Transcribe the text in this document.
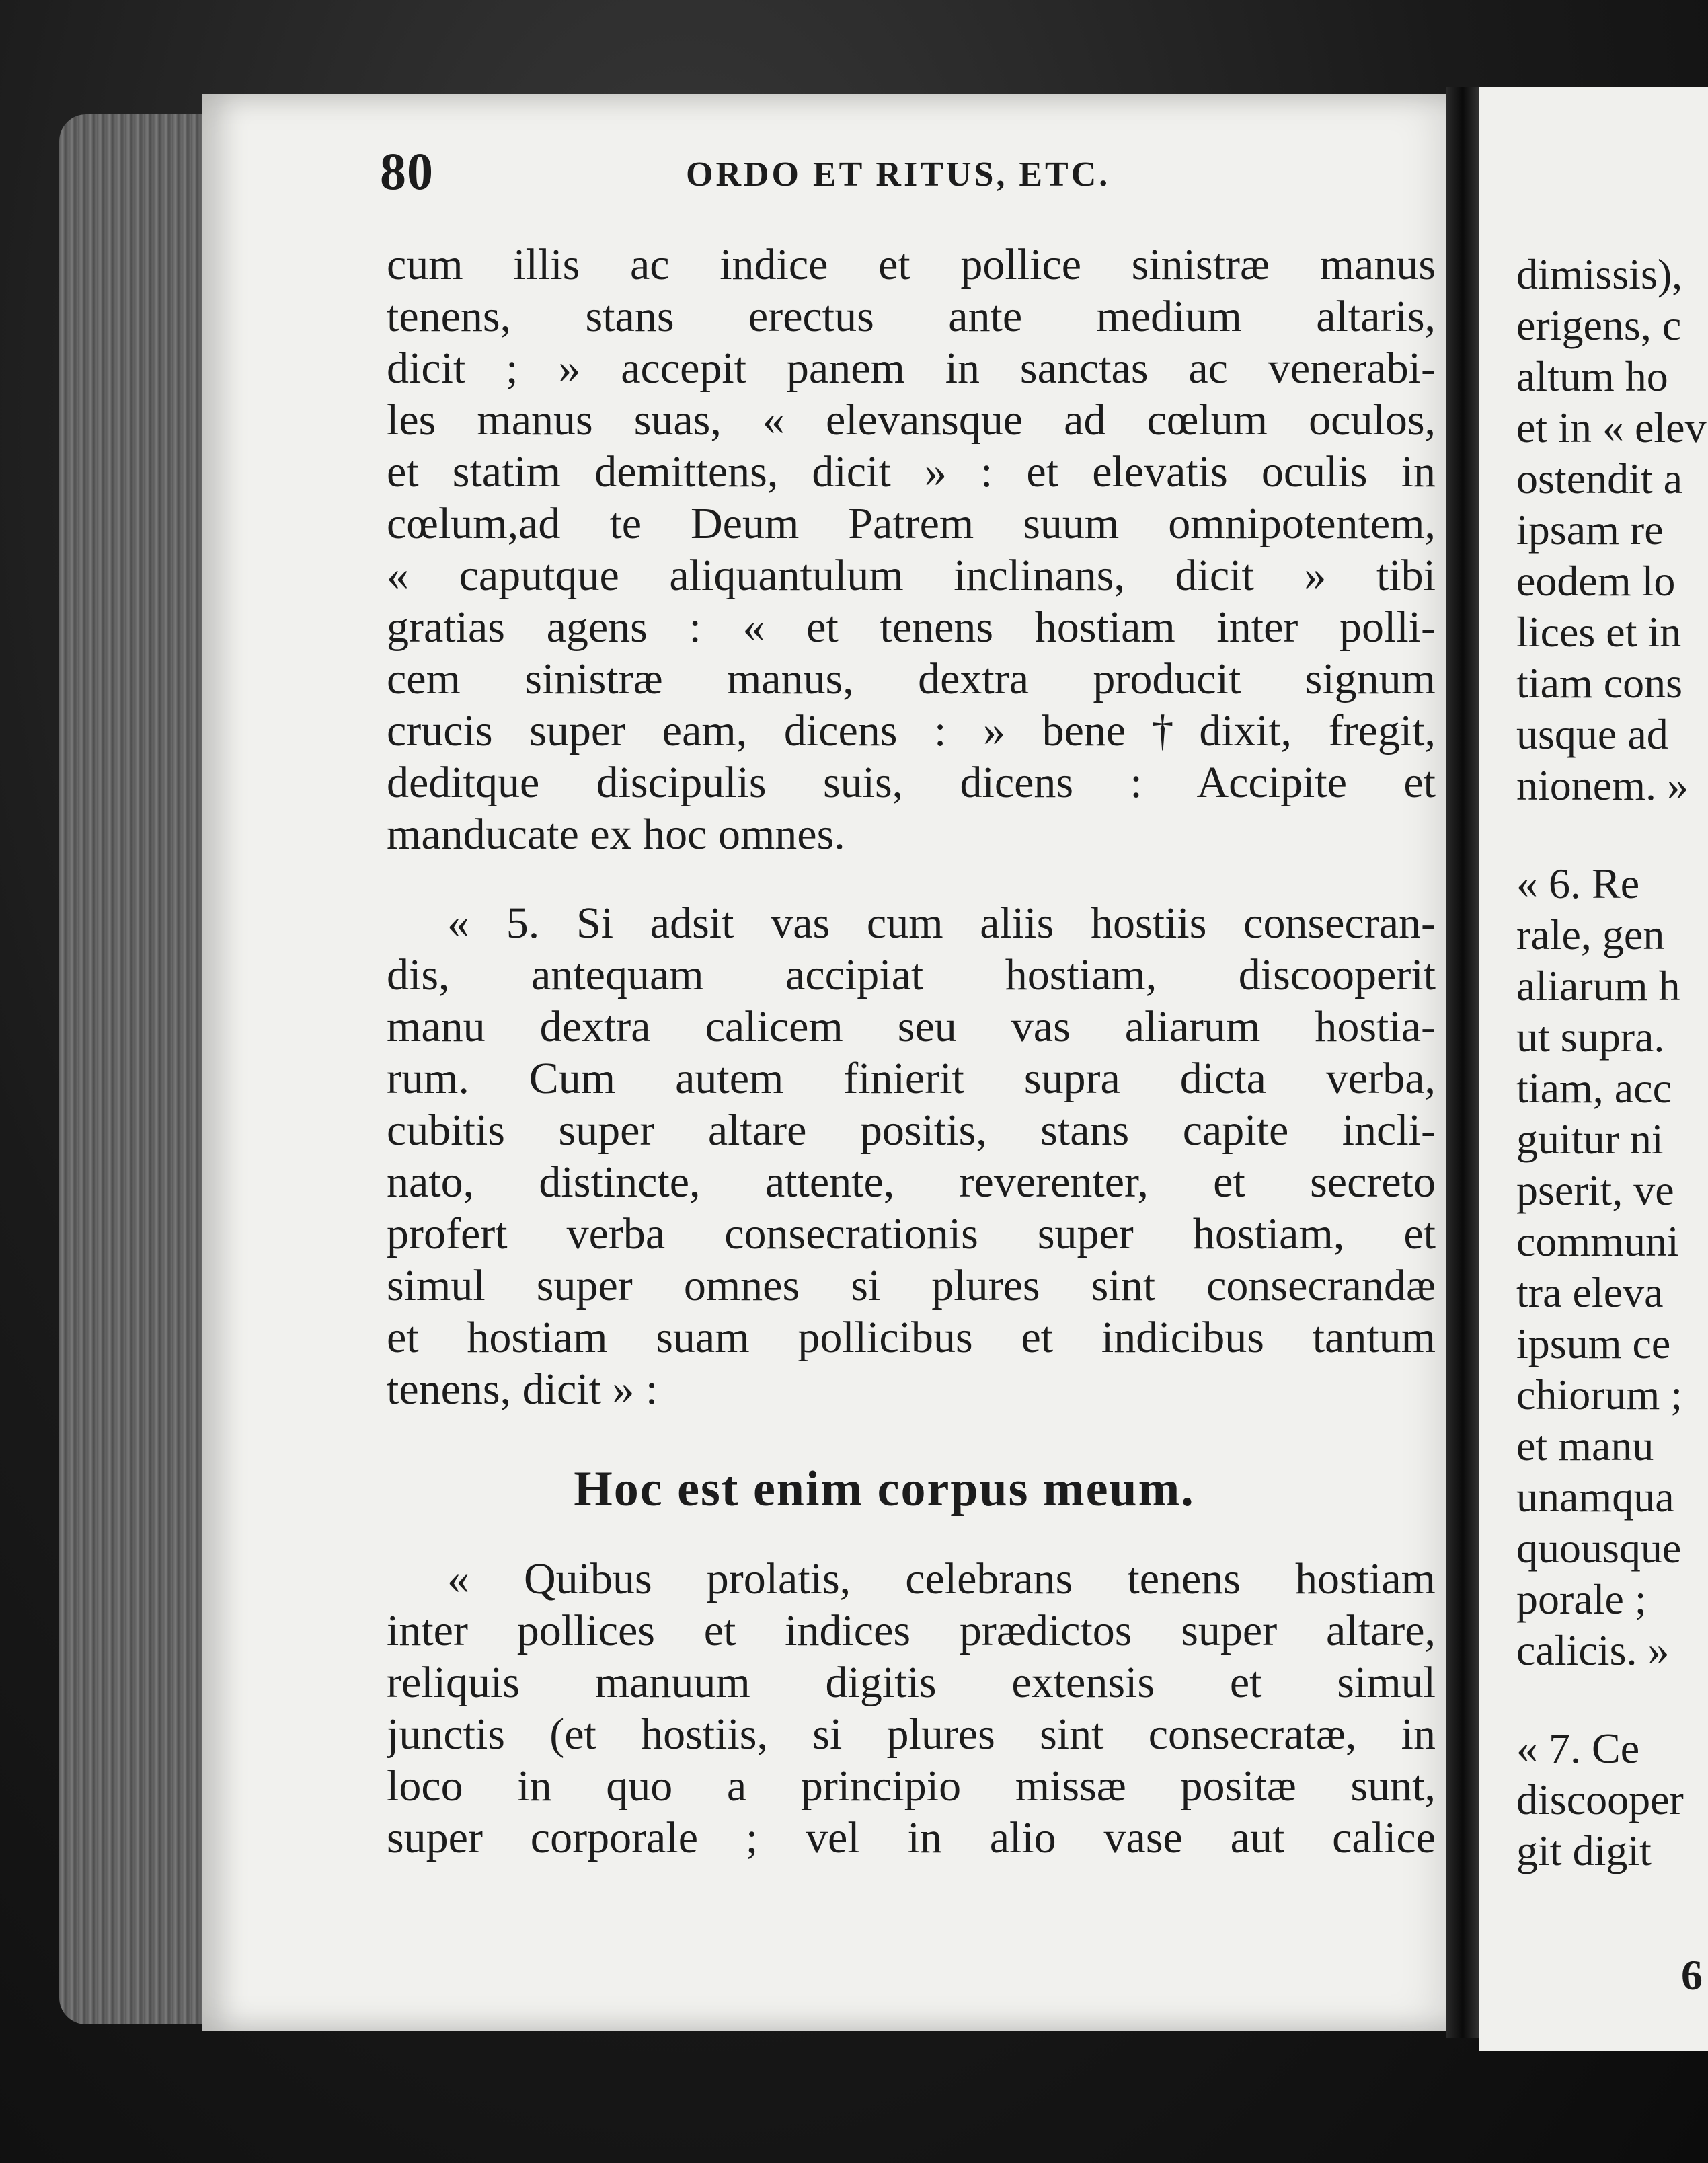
80	ORDO ET RITUS, ETC.
cum illis ac indice et pollice sinistræ manus
tenens, stans erectus ante medium altaris,
dicit ; » accepit panem in sanctas ac venerabi-
les manus suas, « elevansque ad cœlum oculos,
et statim demittens, dicit » : et elevatis oculis in
cœlum,ad te Deum Patrem suum omnipotentem,
« caputque aliquantulum inclinans, dicit » tibi
gratias agens : « et tenens hostiam inter polli-
cem sinistræ manus, dextra producit signum
crucis super eam, dicens : » bene†dixit, fregit,
deditque discipulis suis, dicens : Accipite et
manducate ex hoc omnes.
« 5. Si adsit vas cum aliis hostiis consecran-
dis, antequam accipiat hostiam, discooperit
manu dextra calicem seu vas aliarum hostia-
rum. Cum autem finierit supra dicta verba,
cubitis super altare positis, stans capite incli-
nato, distincte, attente, reverenter, et secreto
profert verba consecrationis super hostiam, et
simul super omnes si plures sint consecrandæ
et hostiam suam pollicibus et indicibus tantum
tenens, dicit » :
Hoc est enim corpus meum.
« Quibus prolatis, celebrans tenens hostiam
inter pollices et indices prædictos super altare,
reliquis manuum digitis extensis et simul
junctis (et hostiis, si plures sint consecratæ, in
loco in quo a principio missæ positæ sunt,
super corporale ; vel in alio vase aut calice
dimissis),
erigens, c
altum ho
et in « elev
ostendit a
ipsam re
eodem lo
lices et in
tiam cons
usque ad
nionem. »
« 6. Re
rale, gen
aliarum h
ut supra.
tiam, acc
guitur ni
pserit, ve
communi
tra eleva
ipsum ce
chiorum ;
et manu
unamqua
quousque
porale ;
calicis. »
« 7. Ce
discooper
git digit
6
